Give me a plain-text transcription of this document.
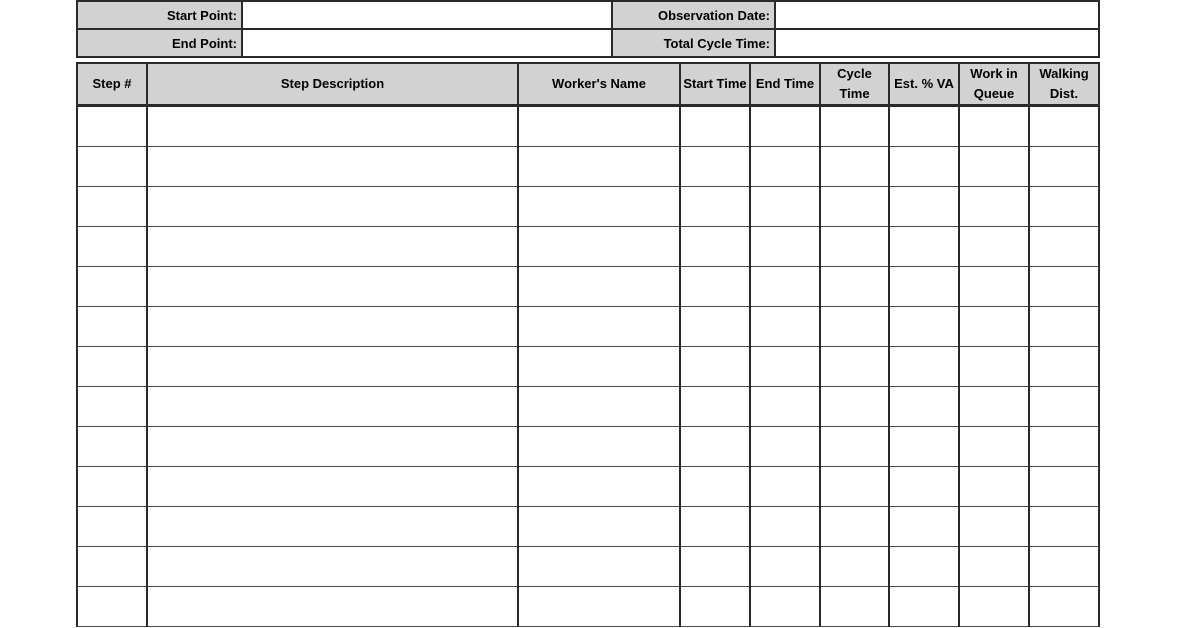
Start Point:		Observation Date:	
End Point:		Total Cycle Time:	
Step #	Step Description	Worker's Name	Start Time	End Time	Cycle Time	Est. % VA	Work in Queue	Walking Dist.
